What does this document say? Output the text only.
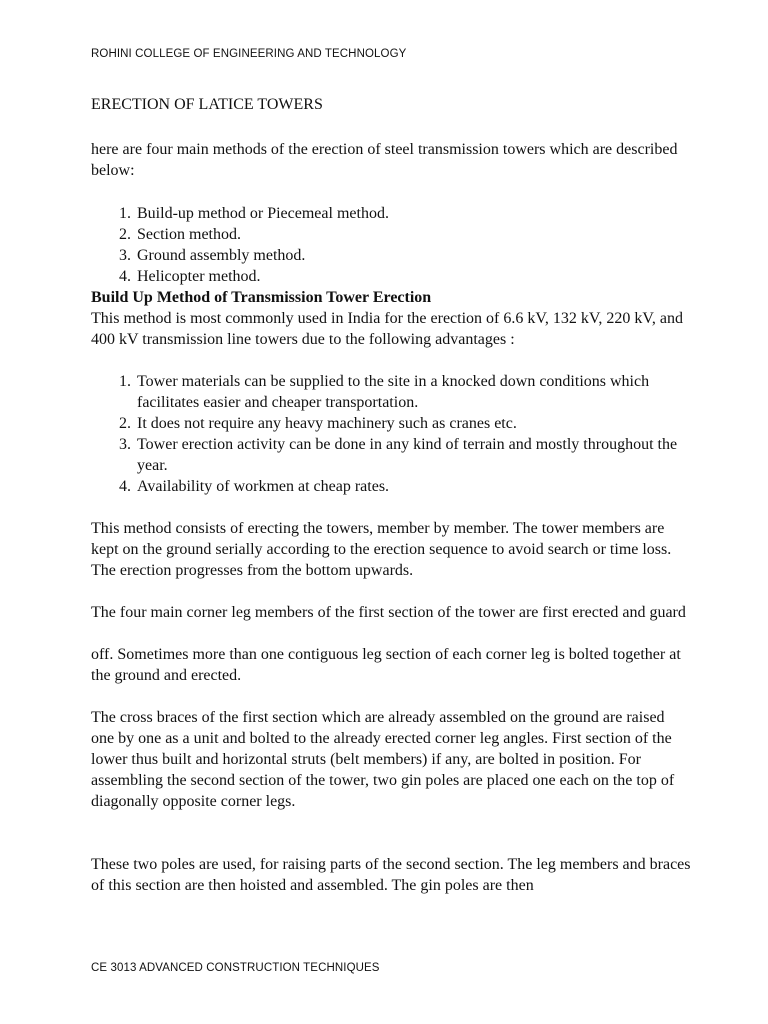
ROHINI COLLEGE OF ENGINEERING AND TECHNOLOGY
ERECTION OF LATICE TOWERS

here are four main methods of the erection of steel transmission towers which are described below:

1. Build-up method or Piecemeal method.
2. Section method.
3. Ground assembly method.
4. Helicopter method.

Build Up Method of Transmission Tower Erection

This method is most commonly used in India for the erection of 6.6 kV, 132 kV, 220 kV, and 400 kV transmission line towers due to the following advantages :

1. Tower materials can be supplied to the site in a knocked down conditions which facilitates easier and cheaper transportation.
2. It does not require any heavy machinery such as cranes etc.
3. Tower erection activity can be done in any kind of terrain and mostly throughout the year.
4. Availability of workmen at cheap rates.

This method consists of erecting the towers, member by member. The tower members are kept on the ground serially according to the erection sequence to avoid search or time loss. The erection progresses from the bottom upwards.

The four main corner leg members of the first section of the tower are first erected and guard

off. Sometimes more than one contiguous leg section of each corner leg is bolted together at the ground and erected.

The cross braces of the first section which are already assembled on the ground are raised one by one as a unit and bolted to the already erected corner leg angles. First section of the lower thus built and horizontal struts (belt members) if any, are bolted in position. For assembling the second section of the tower, two gin poles are placed one each on the top of diagonally opposite corner legs.

These two poles are used, for raising parts of the second section. The leg members and braces of this section are then hoisted and assembled. The gin poles are then

CE 3013 ADVANCED CONSTRUCTION TECHNIQUES
